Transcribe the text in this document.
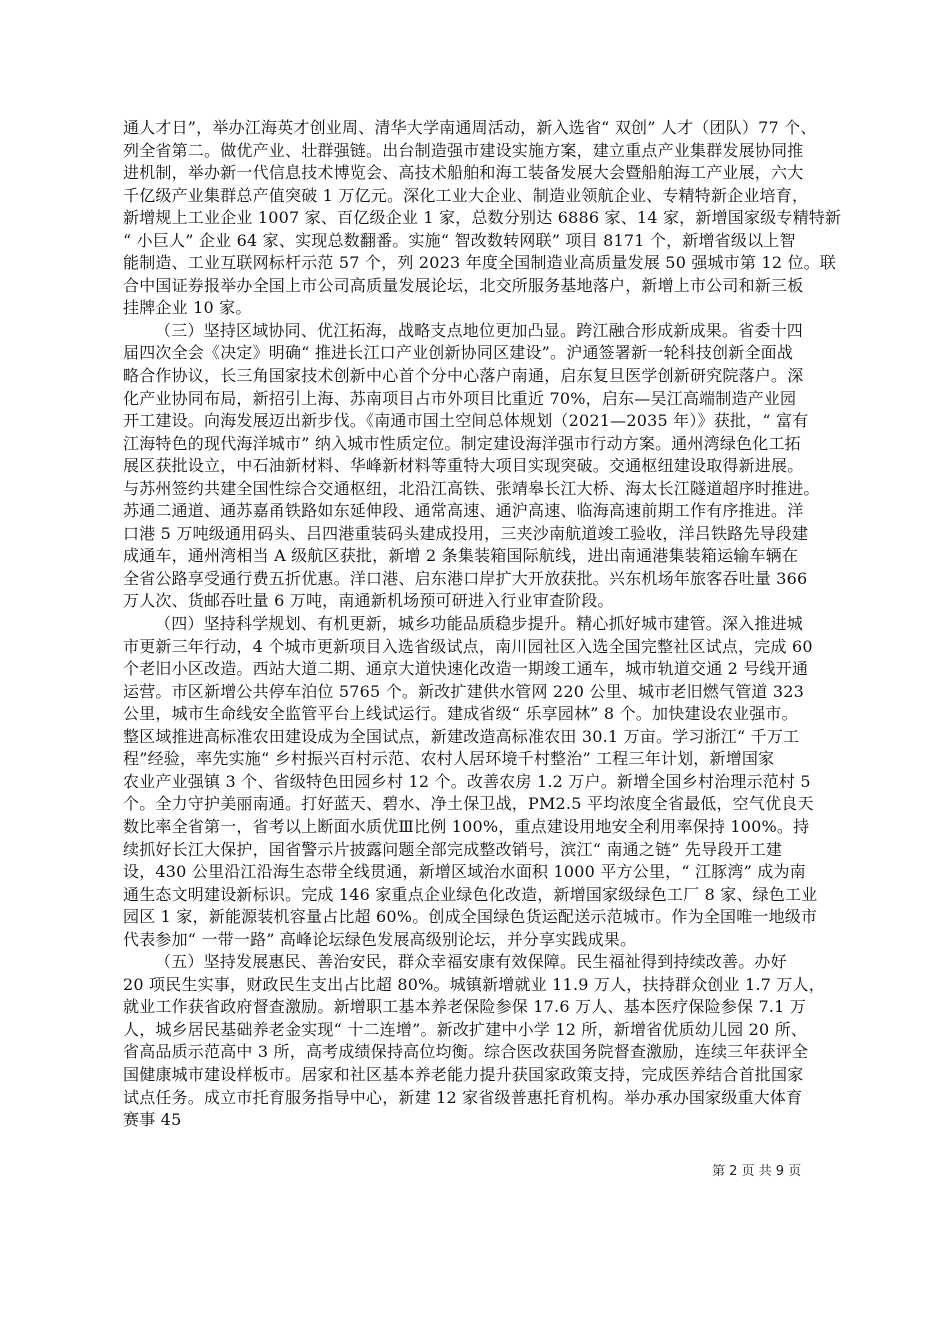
通人才日”，举办江海英才创业周、清华大学南通周活动，新入选省“ 双创” 人才（团队）77 个、
列全省第二。做优产业、壮群强链。出台制造强市建设实施方案，建立重点产业集群发展协同推
进机制，举办新一代信息技术博览会、高技术船舶和海工装备发展大会暨船舶海工产业展，六大
千亿级产业集群总产值突破 1 万亿元。深化工业大企业、制造业领航企业、专精特新企业培育，
新增规上工业企业 1007 家、百亿级企业 1 家，总数分别达 6886 家、14 家，新增国家级专精特新
“ 小巨人” 企业 64 家、实现总数翻番。实施“ 智改数转网联” 项目 8171 个，新增省级以上智
能制造、工业互联网标杆示范 57 个，列 2023 年度全国制造业高质量发展 50 强城市第 12 位。联
合中国证券报举办全国上市公司高质量发展论坛，北交所服务基地落户，新增上市公司和新三板
挂牌企业 10 家。
（三）坚持区域协同、优江拓海，战略支点地位更加凸显。跨江融合形成新成果。省委十四
届四次全会《决定》明确“ 推进长江口产业创新协同区建设”。沪通签署新一轮科技创新全面战
略合作协议，长三角国家技术创新中心首个分中心落户南通，启东复旦医学创新研究院落户。深
化产业协同布局，新招引上海、苏南项目占市外项目比重近 70%，启东—吴江高端制造产业园
开工建设。向海发展迈出新步伐。《南通市国土空间总体规划（2021—2035 年）》获批，“ 富有
江海特色的现代海洋城市” 纳入城市性质定位。制定建设海洋强市行动方案。通州湾绿色化工拓
展区获批设立，中石油新材料、华峰新材料等重特大项目实现突破。交通枢纽建设取得新进展。
与苏州签约共建全国性综合交通枢纽，北沿江高铁、张靖皋长江大桥、海太长江隧道超序时推进。
苏通二通道、通苏嘉甬铁路如东延伸段、通常高速、通沪高速、临海高速前期工作有序推进。洋
口港 5 万吨级通用码头、吕四港重装码头建成投用，三夹沙南航道竣工验收，洋吕铁路先导段建
成通车，通州湾相当 A 级航区获批，新增 2 条集装箱国际航线，进出南通港集装箱运输车辆在
全省公路享受通行费五折优惠。洋口港、启东港口岸扩大开放获批。兴东机场年旅客吞吐量 366
万人次、货邮吞吐量 6 万吨，南通新机场预可研进入行业审查阶段。
（四）坚持科学规划、有机更新，城乡功能品质稳步提升。精心抓好城市建管。深入推进城
市更新三年行动，4 个城市更新项目入选省级试点，南川园社区入选全国完整社区试点，完成 60
个老旧小区改造。西站大道二期、通京大道快速化改造一期竣工通车，城市轨道交通 2 号线开通
运营。市区新增公共停车泊位 5765 个。新改扩建供水管网 220 公里、城市老旧燃气管道 323
公里，城市生命线安全监管平台上线试运行。建成省级“ 乐享园林” 8 个。加快建设农业强市。
整区域推进高标准农田建设成为全国试点，新建改造高标准农田 30.1 万亩。学习浙江“ 千万工
程”经验，率先实施“ 乡村振兴百村示范、农村人居环境千村整治” 工程三年计划，新增国家
农业产业强镇 3 个、省级特色田园乡村 12 个。改善农房 1.2 万户。新增全国乡村治理示范村 5
个。全力守护美丽南通。打好蓝天、碧水、净土保卫战，PM2.5 平均浓度全省最低，空气优良天
数比率全省第一，省考以上断面水质优Ⅲ比例 100%，重点建设用地安全利用率保持 100%。持
续抓好长江大保护，国省警示片披露问题全部完成整改销号，滨江“ 南通之链” 先导段开工建
设，430 公里沿江沿海生态带全线贯通，新增区域治水面积 1000 平方公里，“ 江豚湾” 成为南
通生态文明建设新标识。完成 146 家重点企业绿色化改造，新增国家级绿色工厂 8 家、绿色工业
园区 1 家，新能源装机容量占比超 60%。创成全国绿色货运配送示范城市。作为全国唯一地级市
代表参加“ 一带一路” 高峰论坛绿色发展高级别论坛，并分享实践成果。
（五）坚持发展惠民、善治安民，群众幸福安康有效保障。民生福祉得到持续改善。办好
20 项民生实事，财政民生支出占比超 80%。城镇新增就业 11.9 万人，扶持群众创业 1.7 万人，
就业工作获省政府督查激励。新增职工基本养老保险参保 17.6 万人、基本医疗保险参保 7.1 万
人，城乡居民基础养老金实现“ 十二连增”。新改扩建中小学 12 所，新增省优质幼儿园 20 所、
省高品质示范高中 3 所，高考成绩保持高位均衡。综合医改获国务院督查激励，连续三年获评全
国健康城市建设样板市。居家和社区基本养老能力提升获国家政策支持，完成医养结合首批国家
试点任务。成立市托育服务指导中心，新建 12 家省级普惠托育机构。举办承办国家级重大体育
赛事 45
第 2 页 共 9 页
